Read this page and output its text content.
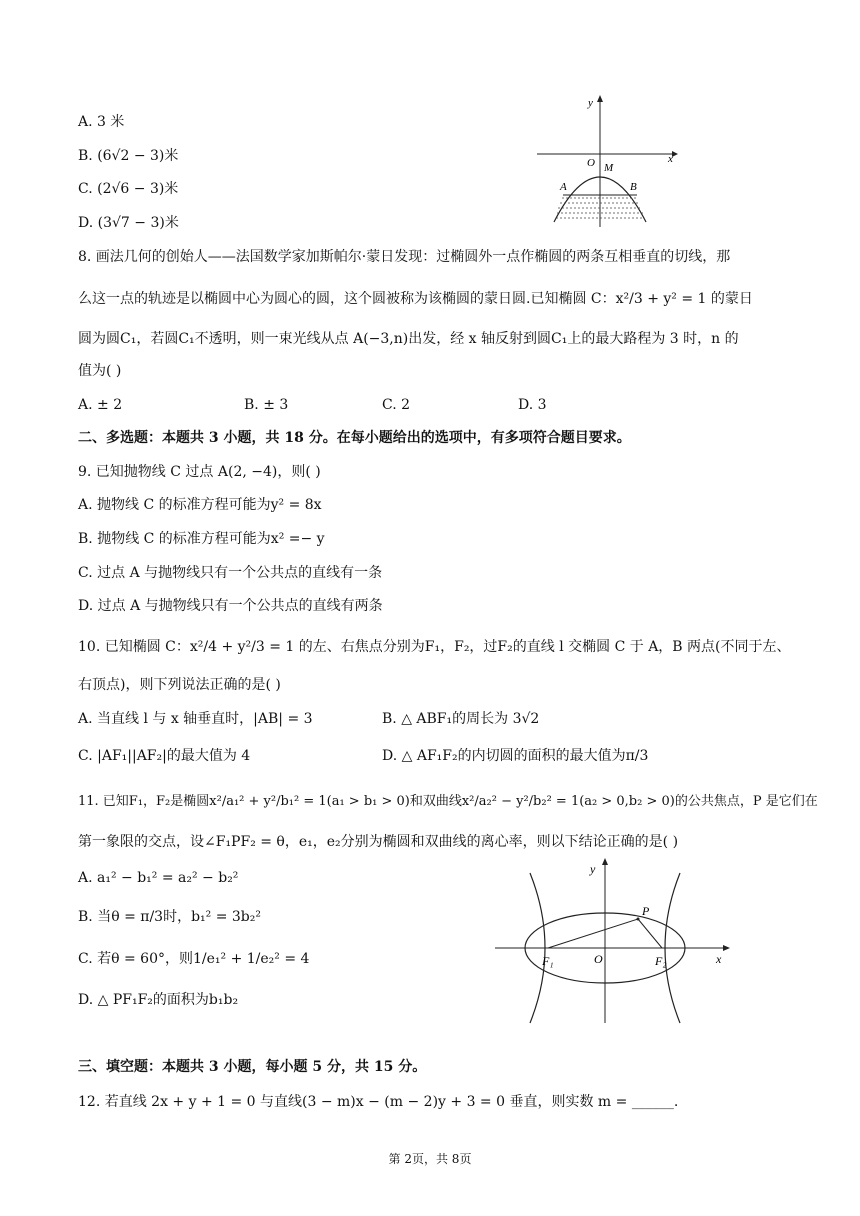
A. 3 米
B. (6√2 − 3)米
C. (2√6 − 3)米
D. (3√7 − 3)米
y
x
O M
A	B
8. 画法几何的创始人——法国数学家加斯帕尔·蒙日发现：过椭圆外一点作椭圆的两条互相垂直的切线，那
么这一点的轨迹是以椭圆中心为圆心的圆，这个圆被称为该椭圆的蒙日圆.已知椭圆 C：x²/3 + y² = 1 的蒙日
圆为圆C₁，若圆C₁不透明，则一束光线从点 A(−3,n)出发，经 x 轴反射到圆C₁上的最大路程为 3 时，n 的
值为( )
A. ± 2	B. ± 3	C. 2	D. 3
二、多选题：本题共 3 小题，共 18 分。在每小题给出的选项中，有多项符合题目要求。
9. 已知抛物线 C 过点 A(2, −4)，则( )
A. 抛物线 C 的标准方程可能为y² = 8x
B. 抛物线 C 的标准方程可能为x² =− y
C. 过点 A 与抛物线只有一个公共点的直线有一条
D. 过点 A 与抛物线只有一个公共点的直线有两条
10. 已知椭圆 C：x²/4 + y²/3 = 1 的左、右焦点分别为F₁，F₂，过F₂的直线 l 交椭圆 C 于 A，B 两点(不同于左、
右顶点)，则下列说法正确的是( )
A. 当直线 l 与 x 轴垂直时，|AB| = 3	B. △ ABF₁的周长为 3√2
C. |AF₁||AF₂|的最大值为 4	D. △ AF₁F₂的内切圆的面积的最大值为π/3
11. 已知F₁，F₂是椭圆x²/a₁² + y²/b₁² = 1(a₁ > b₁ > 0)和双曲线x²/a₂² − y²/b₂² = 1(a₂ > 0,b₂ > 0)的公共焦点，P 是它们在
第一象限的交点，设∠F₁PF₂ = θ，e₁，e₂分别为椭圆和双曲线的离心率，则以下结论正确的是( )
A. a₁² − b₁² = a₂² − b₂²
B. 当θ = π/3时，b₁² = 3b₂²
C. 若θ = 60°，则1/e₁² + 1/e₂² = 4
D. △ PF₁F₂的面积为b₁b₂
y
x
O
P
F₁	F₂
三、填空题：本题共 3 小题，每小题 5 分，共 15 分。
12. 若直线 2x + y + 1 = 0 与直线(3 − m)x − (m − 2)y + 3 = 0 垂直，则实数 m = ______.
第 2页，共 8页
